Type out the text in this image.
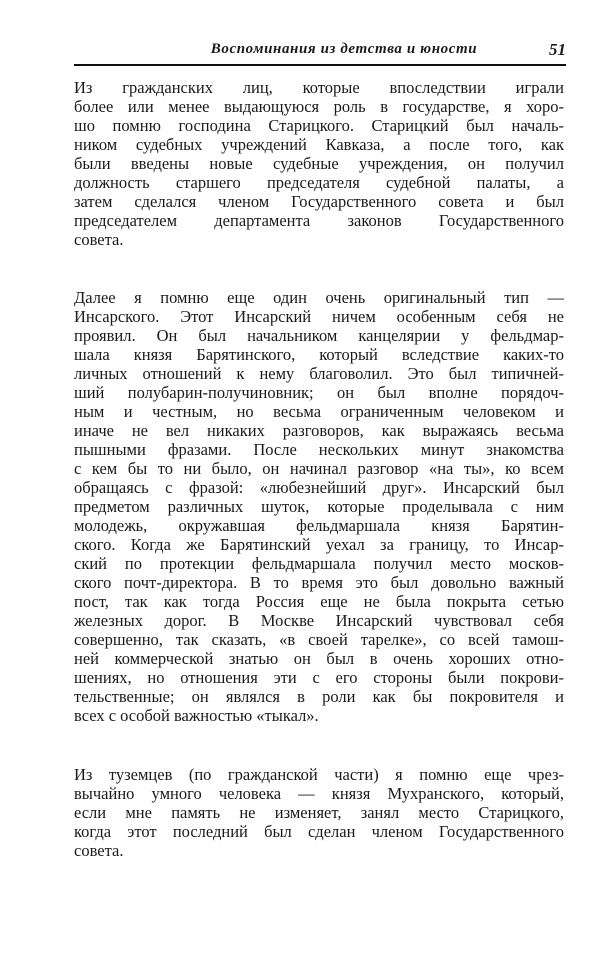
Воспоминания из детства и юности	51
Из гражданских лиц, которые впоследствии играли
более или менее выдающуюся роль в государстве, я хоро-
шо помню господина Старицкого. Старицкий был началь-
ником судебных учреждений Кавказа, а после того, как
были введены новые судебные учреждения, он получил
должность старшего председателя судебной палаты, а
затем сделался членом Государственного совета и был
председателем департамента законов Государственного
совета.
Далее я помню еще один очень оригинальный тип —
Инсарского. Этот Инсарский ничем особенным себя не
проявил. Он был начальником канцелярии у фельдмар-
шала князя Барятинского, который вследствие каких-то
личных отношений к нему благоволил. Это был типичней-
ший полубарин-получиновник; он был вполне порядоч-
ным и честным, но весьма ограниченным человеком и
иначе не вел никаких разговоров, как выражаясь весьма
пышными фразами. После нескольких минут знакомства
с кем бы то ни было, он начинал разговор «на ты», ко всем
обращаясь с фразой: «любезнейший друг». Инсарский был
предметом различных шуток, которые проделывала с ним
молодежь, окружавшая фельдмаршала князя Барятин-
ского. Когда же Барятинский уехал за границу, то Инсар-
ский по протекции фельдмаршала получил место москов-
ского почт-директора. В то время это был довольно важный
пост, так как тогда Россия еще не была покрыта сетью
железных дорог. В Москве Инсарский чувствовал себя
совершенно, так сказать, «в своей тарелке», со всей тамош-
ней коммерческой знатью он был в очень хороших отно-
шениях, но отношения эти с его стороны были покрови-
тельственные; он являлся в роли как бы покровителя и
всех с особой важностью «тыкал».
Из туземцев (по гражданской части) я помню еще чрез-
вычайно умного человека — князя Мухранского, который,
если мне память не изменяет, занял место Старицкого,
когда этот последний был сделан членом Государственного
совета.
